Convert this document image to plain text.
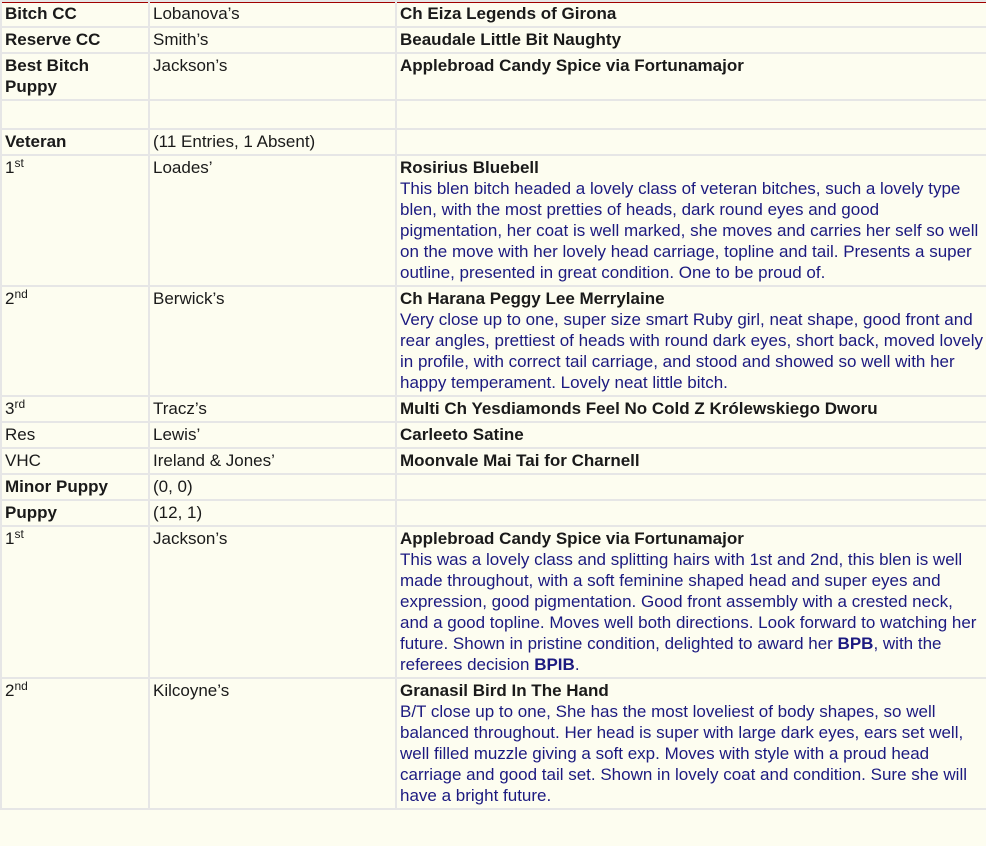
Bitch CC	Lobanova’s	Ch Eiza Legends of Girona
Reserve CC	Smith’s	Beaudale Little Bit Naughty
Best Bitch Puppy	Jackson’s	Applebroad Candy Spice via Fortunamajor

Veteran	(11 Entries, 1 Absent)	
1st	Loades’	Rosirius Bluebell
This blen bitch headed a lovely class of veteran bitches, such a lovely type blen, with the most pretties of heads, dark round eyes and good pigmentation, her coat is well marked, she moves and carries her self so well on the move with her lovely head carriage, topline and tail. Presents a super outline, presented in great condition. One to be proud of.

2nd	Berwick’s	Ch Harana Peggy Lee Merrylaine
Very close up to one, super size smart Ruby girl, neat shape, good front and rear angles, prettiest of heads with round dark eyes, short back, moved lovely in profile, with correct tail carriage, and stood and showed so well with her happy temperament. Lovely neat little bitch.

3rd	Tracz’s	Multi Ch Yesdiamonds Feel No Cold Z Królewskiego Dworu
Res	Lewis’	Carleeto Satine
VHC	Ireland & Jones’	Moonvale Mai Tai for Charnell
Minor Puppy	(0, 0)	
Puppy	(12, 1)	
1st	Jackson’s	Applebroad Candy Spice via Fortunamajor
This was a lovely class and splitting hairs with 1st and 2nd, this blen is well made throughout, with a soft feminine shaped head and super eyes and expression, good pigmentation. Good front assembly with a crested neck, and a good topline. Moves well both directions. Look forward to watching her future. Shown in pristine condition, delighted to award her BPB, with the referees decision BPIB.

2nd	Kilcoyne’s	Granasil Bird In The Hand
B/T close up to one, She has the most loveliest of body shapes, so well balanced throughout. Her head is super with large dark eyes, ears set well, well filled muzzle giving a soft exp. Moves with style with a proud head carriage and good tail set. Shown in lovely coat and condition. Sure she will have a bright future.
